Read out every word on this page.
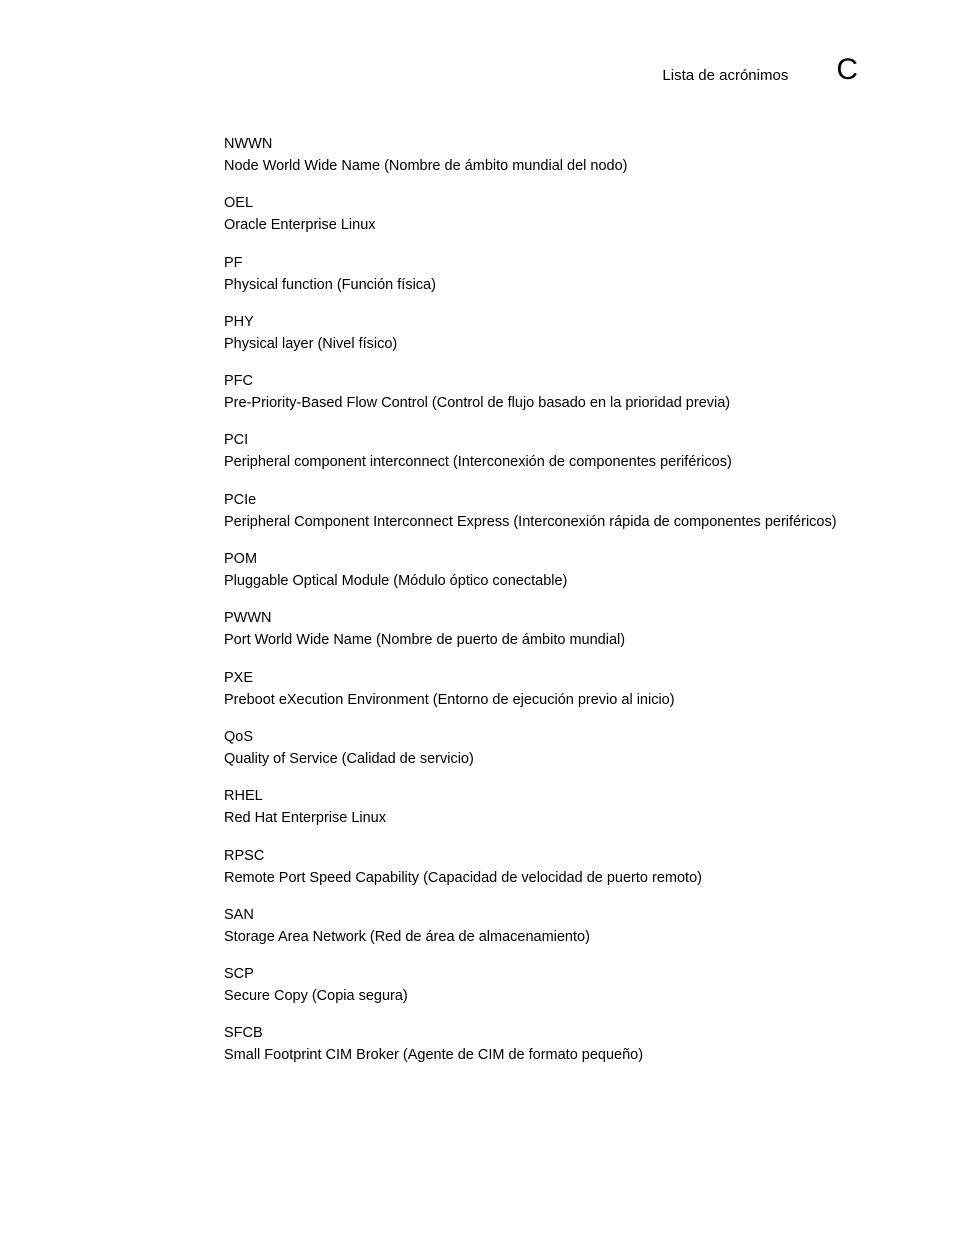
Lista de acrónimos C
NWWN
Node World Wide Name (Nombre de ámbito mundial del nodo)
OEL
Oracle Enterprise Linux
PF
Physical function (Función física)
PHY
Physical layer (Nivel físico)
PFC
Pre-Priority-Based Flow Control (Control de flujo basado en la prioridad previa)
PCI
Peripheral component interconnect (Interconexión de componentes periféricos)
PCIe
Peripheral Component Interconnect Express (Interconexión rápida de componentes periféricos)
POM
Pluggable Optical Module (Módulo óptico conectable)
PWWN
Port World Wide Name (Nombre de puerto de ámbito mundial)
PXE
Preboot eXecution Environment (Entorno de ejecución previo al inicio)
QoS
Quality of Service (Calidad de servicio)
RHEL
Red Hat Enterprise Linux
RPSC
Remote Port Speed Capability (Capacidad de velocidad de puerto remoto)
SAN
Storage Area Network (Red de área de almacenamiento)
SCP
Secure Copy (Copia segura)
SFCB
Small Footprint CIM Broker (Agente de CIM de formato pequeño)
